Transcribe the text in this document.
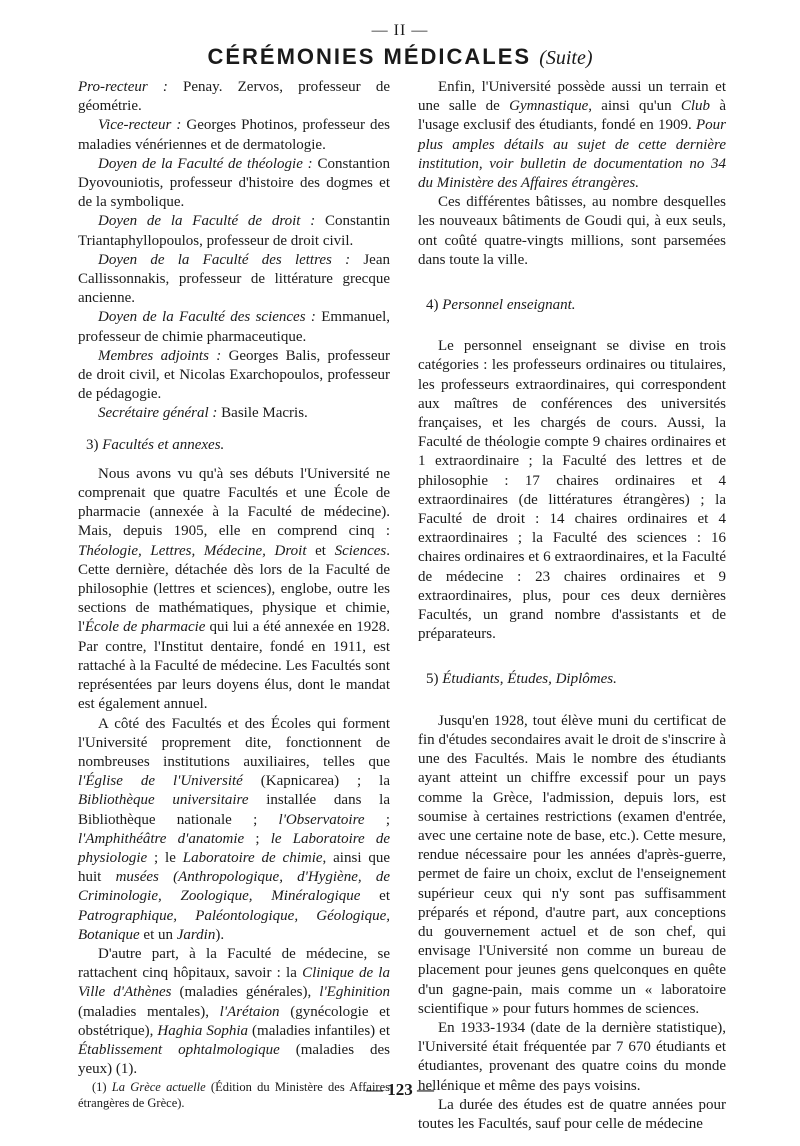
— II —
CÉRÉMONIES MÉDICALES (Suite)

Pro-recteur : Penay. Zervos, professeur de géométrie.

Vice-recteur : Georges Photinos, professeur des maladies vénériennes et de dermatologie.

Doyen de la Faculté de théologie : Constantion Dyovouniotis, professeur d'histoire des dogmes et de la symbolique.

Doyen de la Faculté de droit : Constantin Triantaphyllopoulos, professeur de droit civil.

Doyen de la Faculté des lettres : Jean Callissonnakis, professeur de littérature grecque ancienne.

Doyen de la Faculté des sciences : Emmanuel, professeur de chimie pharmaceutique.

Membres adjoints : Georges Balis, professeur de droit civil, et Nicolas Exarchopoulos, professeur de pédagogie.

Secrétaire général : Basile Macris.

3) Facultés et annexes.

Nous avons vu qu'à ses débuts l'Université ne comprenait que quatre Facultés et une École de pharmacie (annexée à la Faculté de médecine). Mais, depuis 1905, elle en comprend cinq : Théologie, Lettres, Médecine, Droit et Sciences. Cette dernière, détachée dès lors de la Faculté de philosophie (lettres et sciences), englobe, outre les sections de mathématiques, physique et chimie, l'École de pharmacie qui lui a été annexée en 1928. Par contre, l'Institut dentaire, fondé en 1911, est rattaché à la Faculté de médecine. Les Facultés sont représentées par leurs doyens élus, dont le mandat est également annuel.

A côté des Facultés et des Écoles qui forment l'Université proprement dite, fonctionnent de nombreuses institutions auxiliaires, telles que l'Église de l'Université (Kapnicarea) ; la Bibliothèque universitaire installée dans la Bibliothèque nationale ; l'Observatoire ; l'Amphithéâtre d'anatomie ; le Laboratoire de physiologie ; le Laboratoire de chimie, ainsi que huit musées (Anthropologique, d'Hygiène, de Criminologie, Zoologique, Minéralogique et Patrographique, Paléontologique, Géologique, Botanique et un Jardin).

D'autre part, à la Faculté de médecine, se rattachent cinq hôpitaux, savoir : la Clinique de la Ville d'Athènes (maladies générales), l'Eghinition (maladies mentales), l'Arétaion (gynécologie et obstétrique), Haghia Sophia (maladies infantiles) et Établissement ophtalmologique (maladies des yeux) (1).

(1) La Grèce actuelle (Édition du Ministère des Affaires étrangères de Grèce).

Enfin, l'Université possède aussi un terrain et une salle de Gymnastique, ainsi qu'un Club à l'usage exclusif des étudiants, fondé en 1909. Pour plus amples détails au sujet de cette dernière institution, voir bulletin de documentation no 34 du Ministère des Affaires étrangères.

Ces différentes bâtisses, au nombre desquelles les nouveaux bâtiments de Goudi qui, à eux seuls, ont coûté quatre-vingts millions, sont parsemées dans toute la ville.

4) Personnel enseignant.

Le personnel enseignant se divise en trois catégories : les professeurs ordinaires ou titulaires, les professeurs extraordinaires, qui correspondent aux maîtres de conférences des universités françaises, et les chargés de cours. Aussi, la Faculté de théologie compte 9 chaires ordinaires et 1 extraordinaire ; la Faculté des lettres et de philosophie : 17 chaires ordinaires et 4 extraordinaires (de littératures étrangères) ; la Faculté de droit : 14 chaires ordinaires et 4 extraordinaires ; la Faculté des sciences : 16 chaires ordinaires et 6 extraordinaires, et la Faculté de médecine : 23 chaires ordinaires et 9 extraordinaires, plus, pour ces deux dernières Facultés, un grand nombre d'assistants et de préparateurs.

5) Étudiants, Études, Diplômes.

Jusqu'en 1928, tout élève muni du certificat de fin d'études secondaires avait le droit de s'inscrire à une des Facultés. Mais le nombre des étudiants ayant atteint un chiffre excessif pour un pays comme la Grèce, l'admission, depuis lors, est soumise à certaines restrictions (examen d'entrée, avec une certaine note de base, etc.). Cette mesure, rendue nécessaire pour les années d'après-guerre, permet de faire un choix, exclut de l'enseignement supérieur ceux qui n'y sont pas suffisamment préparés et répond, d'autre part, aux conceptions du gouvernement actuel et de son chef, qui envisage l'Université non comme un bureau de placement pour jeunes gens quelconques en quête d'un gagne-pain, mais comme un « laboratoire scientifique » pour futurs hommes de sciences.

En 1933-1934 (date de la dernière statistique), l'Université était fréquentée par 7 670 étudiants et étudiantes, provenant des quatre coins du monde hellénique et même des pays voisins.

La durée des études est de quatre années pour toutes les Facultés, sauf pour celle de médecine

— 123 —
